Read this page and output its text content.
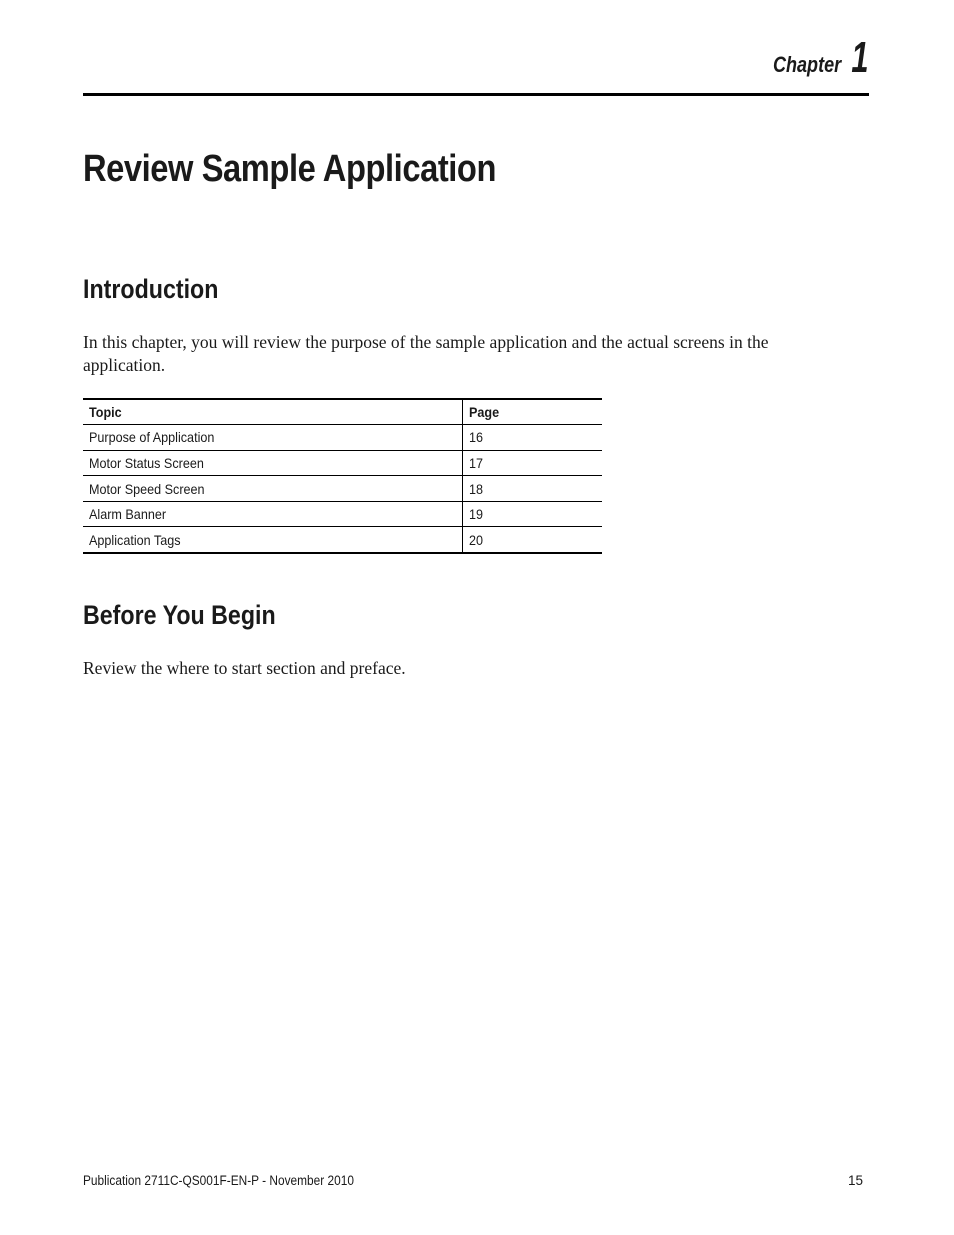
Chapter 1
Review Sample Application
Introduction

In this chapter, you will review the purpose of the sample application and the actual screens in the application.

Topic	Page
Purpose of Application	16
Motor Status Screen	17
Motor Speed Screen	18
Alarm Banner	19
Application Tags	20
Before You Begin

Review the where to start section and preface.

Publication 2711C-QS001F-EN-P - November 2010	15
